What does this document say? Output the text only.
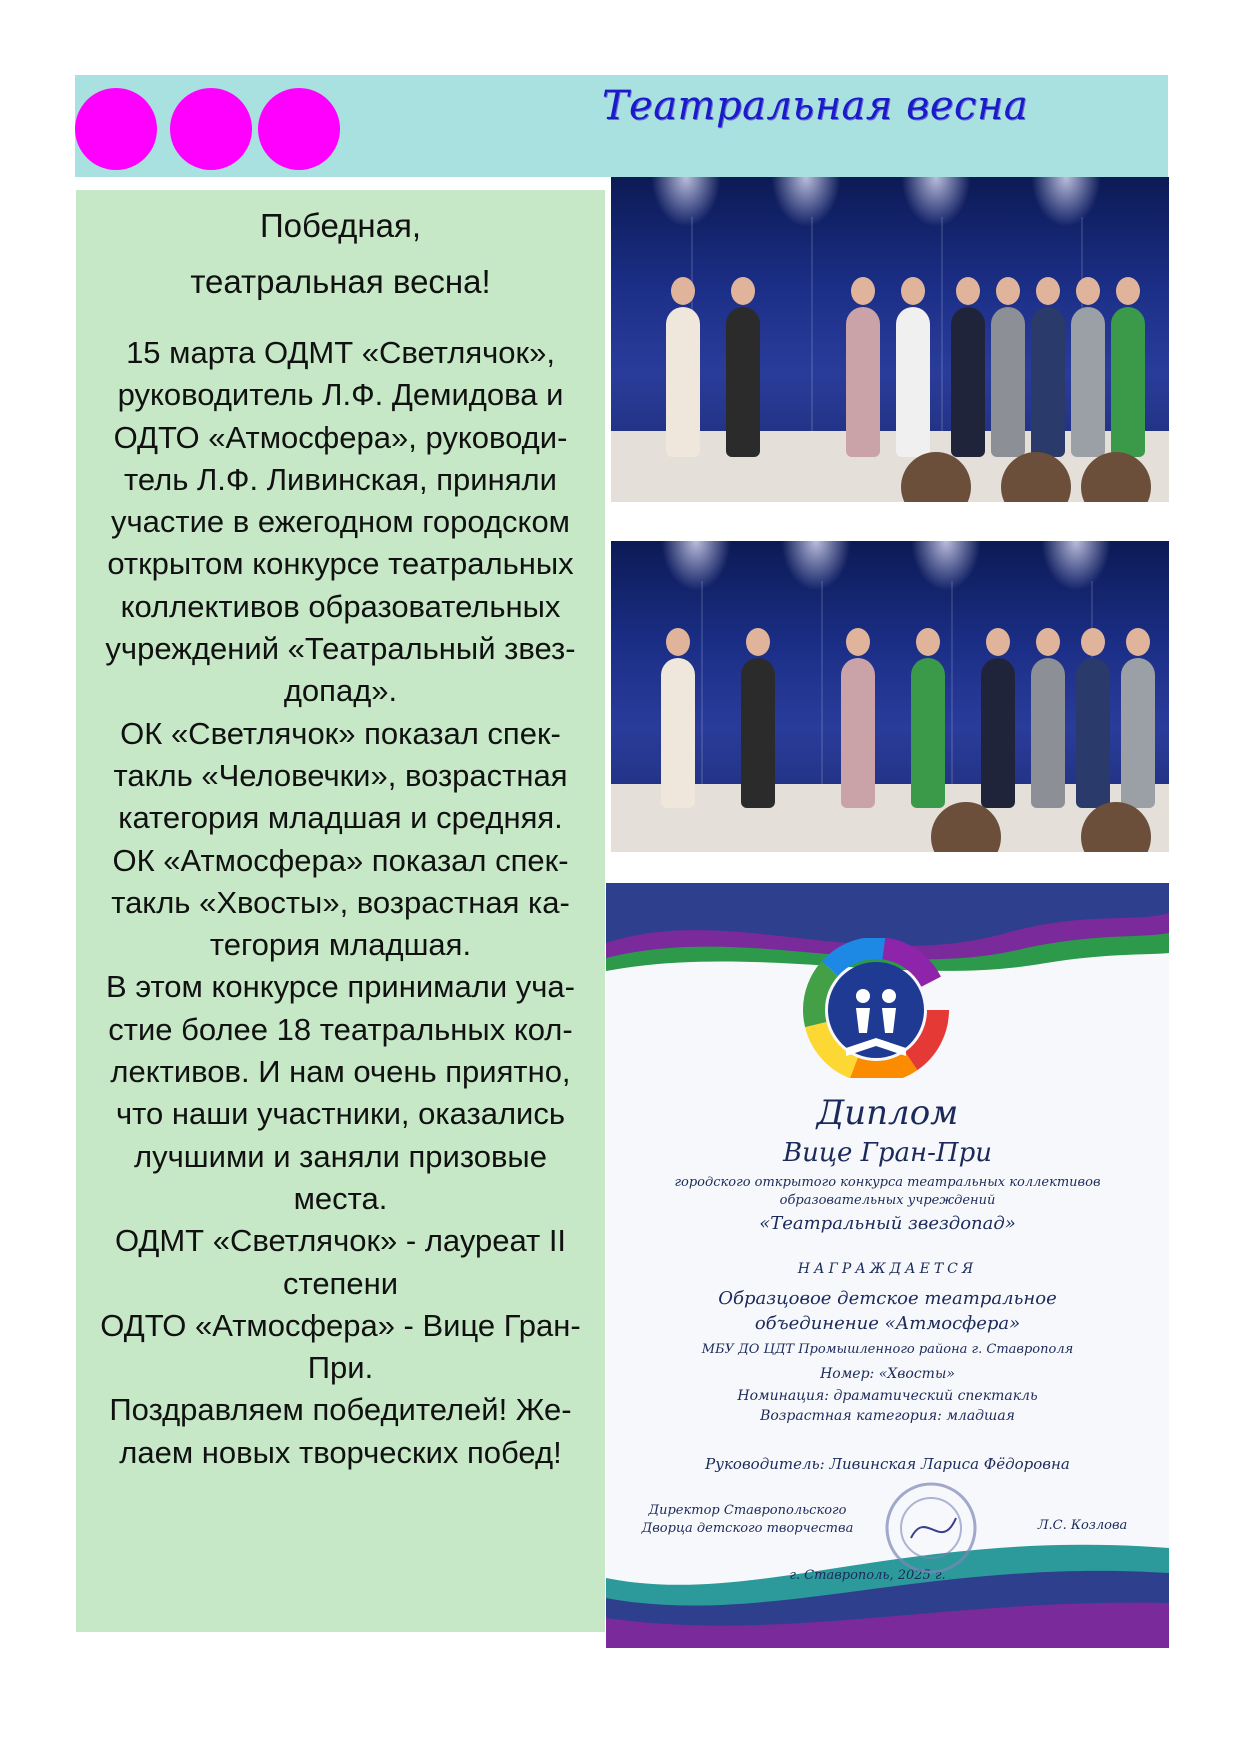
Театральная весна
Победная,
театральная весна!

15 марта ОДМТ «Светлячок», руководитель Л.Ф. Демидова и ОДТО «Атмосфера», руководи-тель Л.Ф. Ливинская, приняли участие в ежегодном городском открытом конкурсе театральных коллективов образовательных учреждений «Театральный звез-допад».

ОК «Светлячок» показал спек-такль «Человечки», возрастная категория младшая и средняя.

ОК «Атмосфера» показал спек-такль «Хвосты», возрастная ка-тегория младшая.

В этом конкурсе принимали уча-стие более 18 театральных кол-лективов. И нам очень приятно, что наши участники, оказались лучшими и заняли призовые места.

ОДМТ «Светлячок» - лауреат II степени

ОДТО «Атмосфера» - Вице Гран-При.

Поздравляем победителей! Же-лаем новых творческих побед!

Диплом
Вице Гран-При
городского открытого конкурса театральных коллективов
образовательных учреждений
«Театральный звездопад»
НАГРАЖДАЕТСЯ
Образцовое детское театральное
объединение «Атмосфера»
МБУ ДО ЦДТ Промышленного района г. Ставрополя
Номер: «Хвосты»
Номинация: драматический спектакль
Возрастная категория: младшая
Руководитель: Ливинская Лариса Фёдоровна
Директор Ставропольского
Дворца детского творчества	Л.С. Козлова
г. Ставрополь, 2025 г.
